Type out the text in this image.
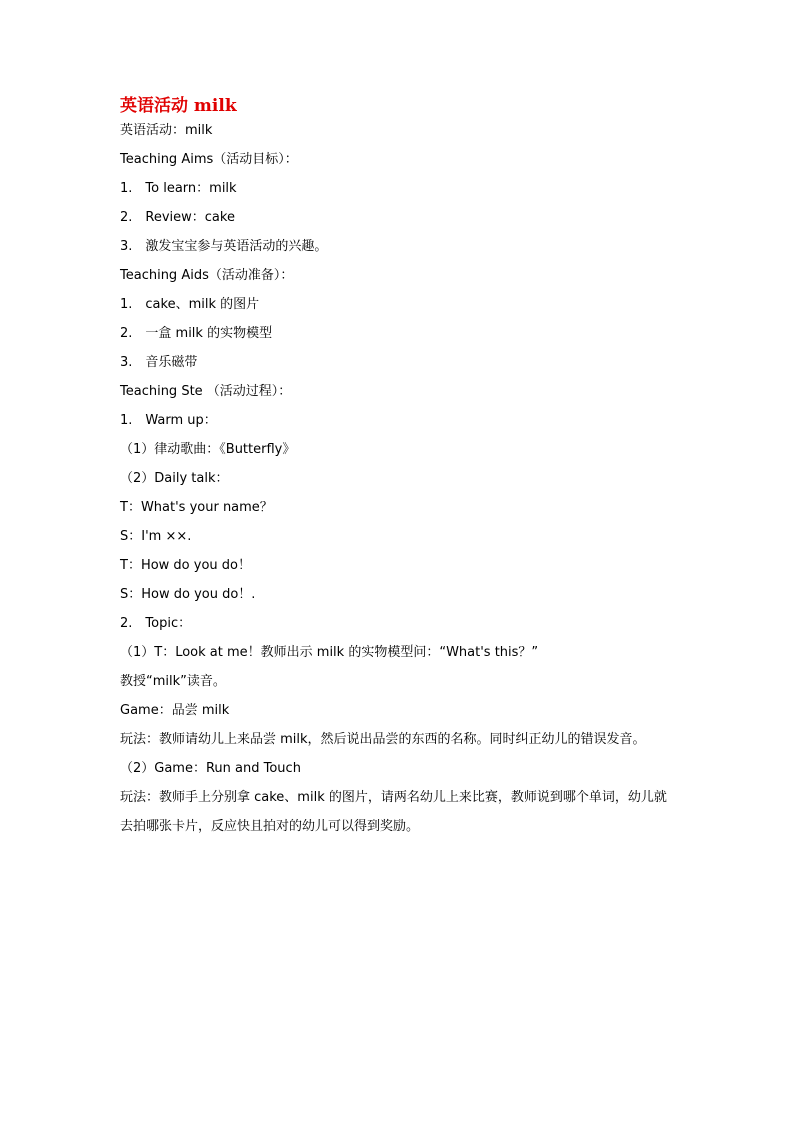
英语活动 milk
英语活动：milk
Teaching Aims（活动目标）：
1.　To learn：milk
2.　Review：cake
3.　激发宝宝参与英语活动的兴趣。
Teaching Aids（活动准备）：
1.　cake、milk 的图片
2.　一盒 milk 的实物模型
3.　音乐磁带
Teaching Ste （活动过程）：
1.　Warm up：
（1）律动歌曲：《Butterfly》
（2）Daily talk：
T：What's your name？
S：I'm ××.
T：How do you do！
S：How do you do！.
2.　Topic：
（1）T：Look at me！教师出示 milk 的实物模型问：“What's this？”
教授“milk”读音。
Game：品尝 milk
玩法：教师请幼儿上来品尝 milk，然后说出品尝的东西的名称。同时纠正幼儿的错误发音。
（2）Game：Run and Touch
玩法：教师手上分别拿 cake、milk 的图片，请两名幼儿上来比赛，教师说到哪个单词，幼儿就
去拍哪张卡片，反应快且拍对的幼儿可以得到奖励。
